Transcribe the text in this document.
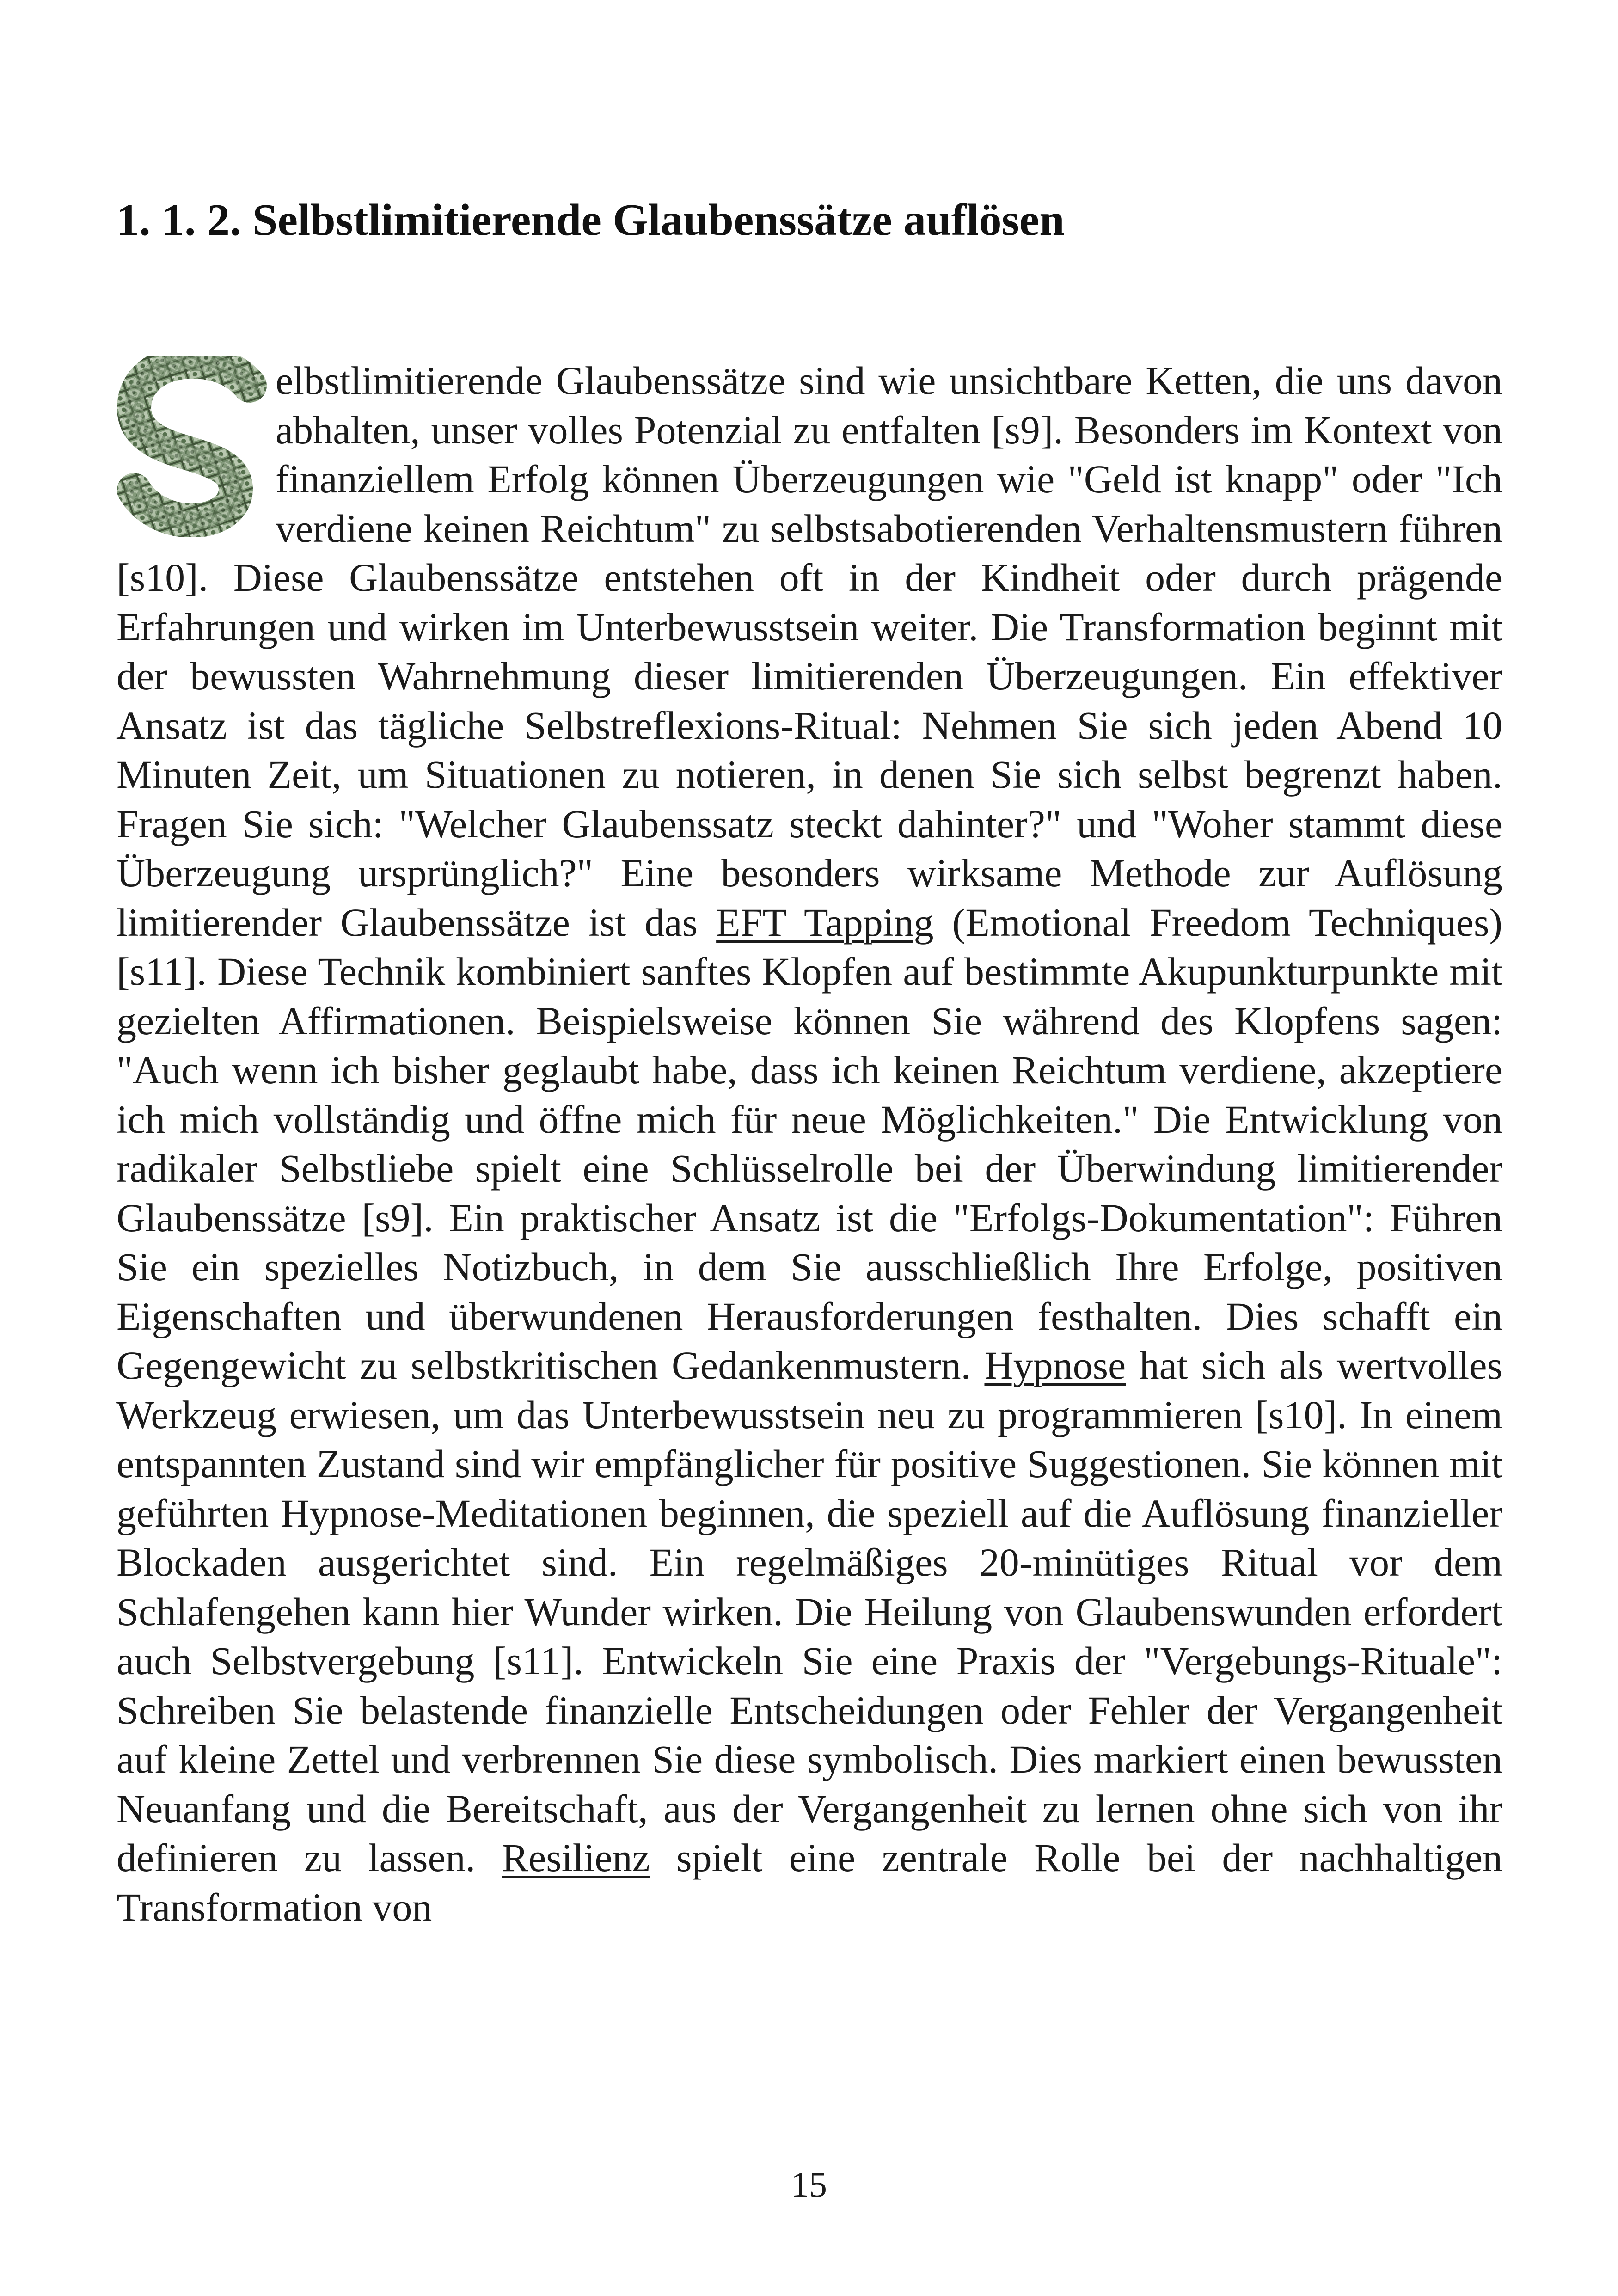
1. 1. 2. Selbstlimitierende Glaubenssätze auflösen

elbstlimitierende Glaubenssätze sind wie unsichtbare Ketten, die uns davon abhalten, unser volles Potenzial zu entfalten [s9]. Besonders im Kontext von finanziellem Erfolg können Überzeugungen wie "Geld ist knapp" oder "Ich verdiene keinen Reichtum" zu selbstsabotierenden Verhaltensmustern führen [s10]. Diese Glaubenssätze entstehen oft in der Kindheit oder durch prägende Erfahrungen und wirken im Unterbewusstsein weiter. Die Transformation beginnt mit der bewussten Wahrnehmung dieser limitierenden Überzeugungen. Ein effektiver Ansatz ist das tägliche Selbstreflexions-Ritual: Nehmen Sie sich jeden Abend 10 Minuten Zeit, um Situationen zu notieren, in denen Sie sich selbst begrenzt haben. Fragen Sie sich: "Welcher Glaubenssatz steckt dahinter?" und "Woher stammt diese Überzeugung ursprünglich?" Eine besonders wirksame Methode zur Auflösung limitierender Glaubenssätze ist das EFT Tapping (Emotional Freedom Techniques) [s11]. Diese Technik kombiniert sanftes Klopfen auf bestimmte Akupunkturpunkte mit gezielten Affirmationen. Beispielsweise können Sie während des Klopfens sagen: "Auch wenn ich bisher geglaubt habe, dass ich keinen Reichtum verdiene, akzeptiere ich mich vollständig und öffne mich für neue Möglichkeiten." Die Entwicklung von radikaler Selbstliebe spielt eine Schlüsselrolle bei der Überwindung limitierender Glaubenssätze [s9]. Ein praktischer Ansatz ist die "Erfolgs-Dokumentation": Führen Sie ein spezielles Notizbuch, in dem Sie ausschließlich Ihre Erfolge, positiven Eigenschaften und überwundenen Herausforderungen festhalten. Dies schafft ein Gegengewicht zu selbstkritischen Gedankenmustern. Hypnose hat sich als wertvolles Werkzeug erwiesen, um das Unterbewusstsein neu zu programmieren [s10]. In einem entspannten Zustand sind wir empfänglicher für positive Suggestionen. Sie können mit geführten Hypnose-Meditationen beginnen, die speziell auf die Auflösung finanzieller Blockaden ausgerichtet sind. Ein regelmäßiges 20-minütiges Ritual vor dem Schlafengehen kann hier Wunder wirken. Die Heilung von Glaubenswunden erfordert auch Selbstvergebung [s11]. Entwickeln Sie eine Praxis der "Vergebungs-Rituale": Schreiben Sie belastende finanzielle Entscheidungen oder Fehler der Vergangenheit auf kleine Zettel und verbrennen Sie diese symbolisch. Dies markiert einen bewussten Neuanfang und die Bereitschaft, aus der Vergangenheit zu lernen ohne sich von ihr definieren zu lassen. Resilienz spielt eine zentrale Rolle bei der nachhaltigen Transformation von

15
